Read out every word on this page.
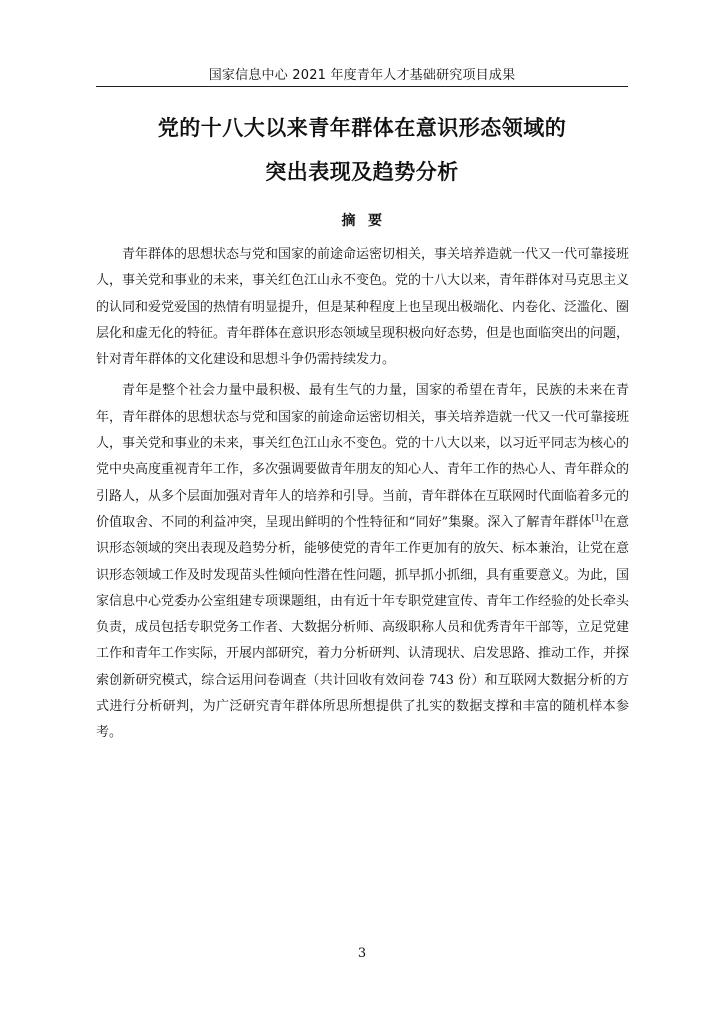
国家信息中心 2021 年度青年人才基础研究项目成果
党的十八大以来青年群体在意识形态领域的
突出表现及趋势分析
摘 要

青年群体的思想状态与党和国家的前途命运密切相关，事关培养造就一代又一代可靠接班人，事关党和事业的未来，事关红色江山永不变色。党的十八大以来，青年群体对马克思主义的认同和爱党爱国的热情有明显提升，但是某种程度上也呈现出极端化、内卷化、泛滥化、圈层化和虚无化的特征。青年群体在意识形态领域呈现积极向好态势，但是也面临突出的问题，针对青年群体的文化建设和思想斗争仍需持续发力。

青年是整个社会力量中最积极、最有生气的力量，国家的希望在青年，民族的未来在青年，青年群体的思想状态与党和国家的前途命运密切相关，事关培养造就一代又一代可靠接班人，事关党和事业的未来，事关红色江山永不变色。党的十八大以来，以习近平同志为核心的党中央高度重视青年工作，多次强调要做青年朋友的知心人、青年工作的热心人、青年群众的引路人，从多个层面加强对青年人的培养和引导。当前，青年群体在互联网时代面临着多元的价值取舍、不同的利益冲突，呈现出鲜明的个性特征和“同好”集聚。深入了解青年群体[1]在意识形态领域的突出表现及趋势分析，能够使党的青年工作更加有的放矢、标本兼治，让党在意识形态领域工作及时发现苗头性倾向性潜在性问题，抓早抓小抓细，具有重要意义。为此，国家信息中心党委办公室组建专项课题组，由有近十年专职党建宣传、青年工作经验的处长牵头负责，成员包括专职党务工作者、大数据分析师、高级职称人员和优秀青年干部等，立足党建工作和青年工作实际，开展内部研究，着力分析研判、认清现状、启发思路、推动工作，并探索创新研究模式，综合运用问卷调查（共计回收有效问卷 743 份）和互联网大数据分析的方式进行分析研判，为广泛研究青年群体所思所想提供了扎实的数据支撑和丰富的随机样本参考。

3
